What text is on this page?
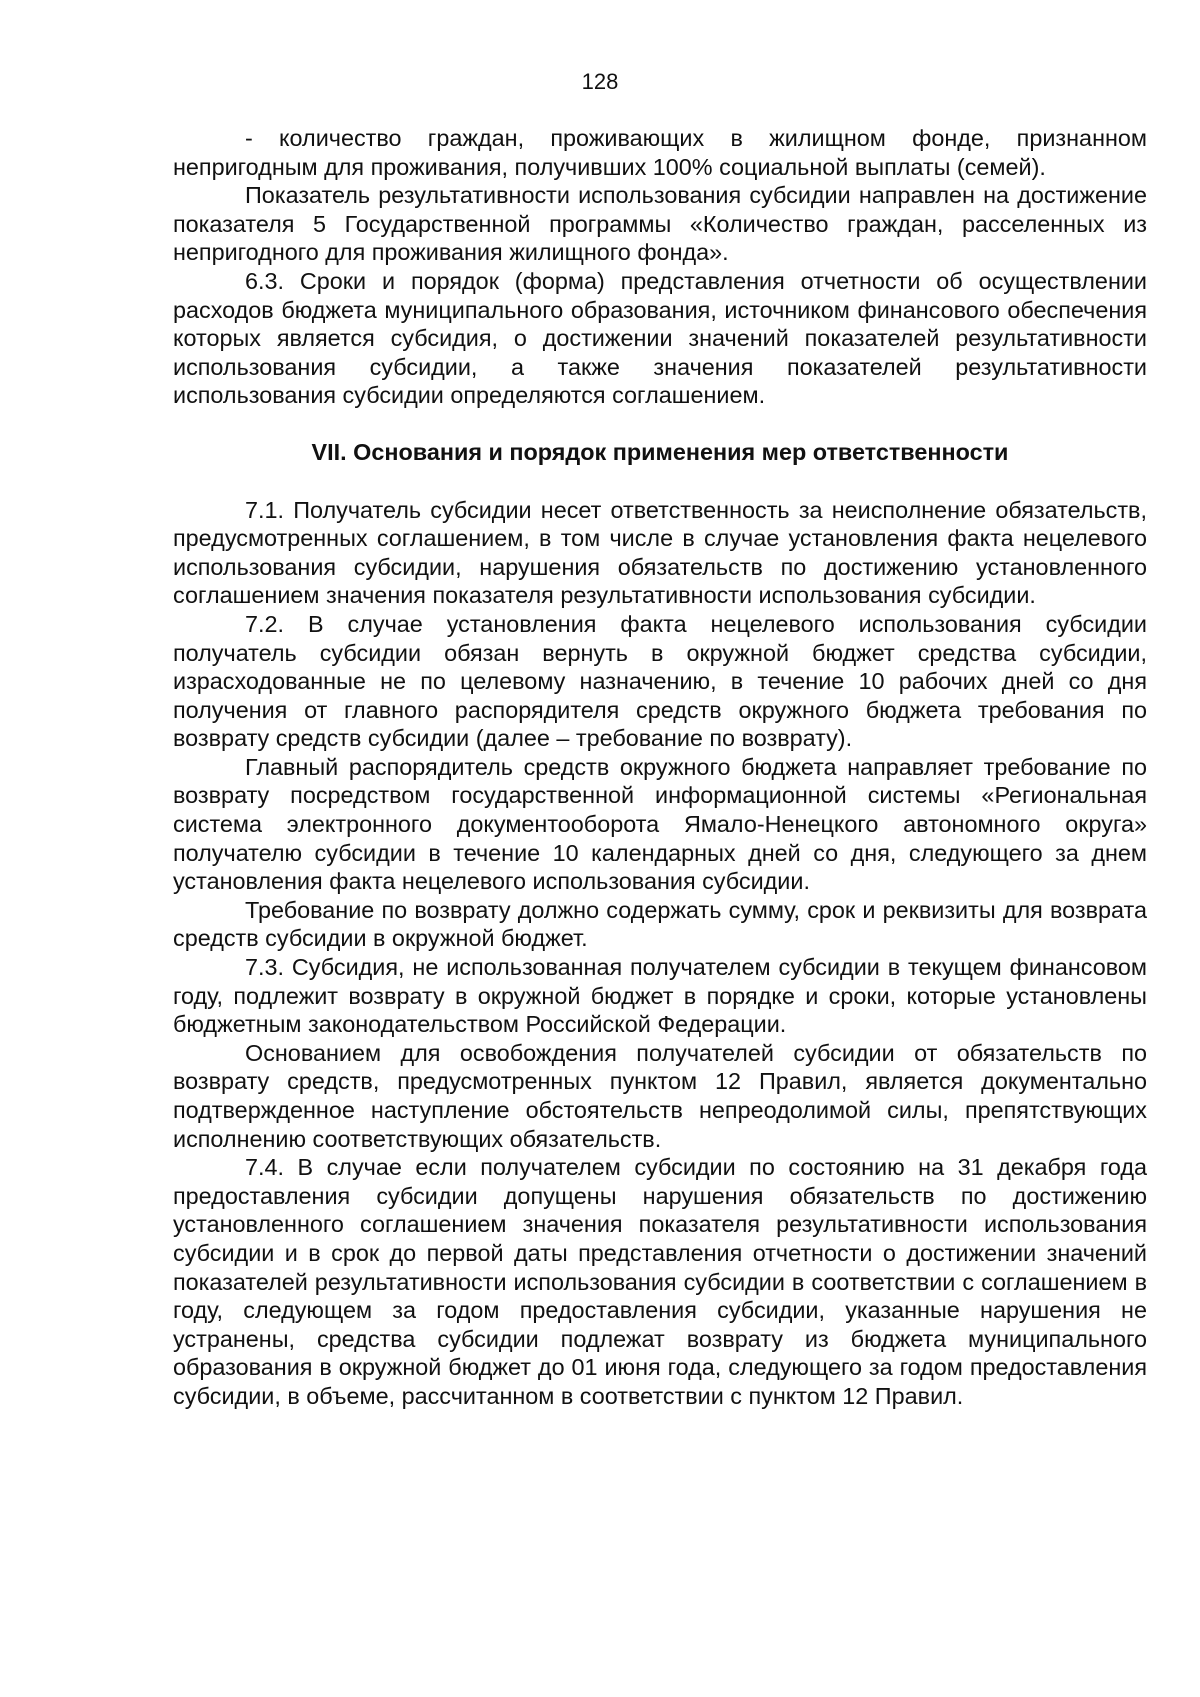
128

- количество граждан, проживающих в жилищном фонде, признанном непригодным для проживания, получивших 100% социальной выплаты (семей).

Показатель результативности использования субсидии направлен на достижение показателя 5 Государственной программы «Количество граждан, расселенных из непригодного для проживания жилищного фонда».

6.3. Сроки и порядок (форма) представления отчетности об осуществлении расходов бюджета муниципального образования, источником финансового обеспечения которых является субсидия, о достижении значений показателей результативности использования субсидии, а также значения показателей результативности использования субсидии определяются соглашением.

VII. Основания и порядок применения мер ответственности

7.1. Получатель субсидии несет ответственность за неисполнение обязательств, предусмотренных соглашением, в том числе в случае установления факта нецелевого использования субсидии, нарушения обязательств по достижению установленного соглашением значения показателя результативности использования субсидии.

7.2. В случае установления факта нецелевого использования субсидии получатель субсидии обязан вернуть в окружной бюджет средства субсидии, израсходованные не по целевому назначению, в течение 10 рабочих дней со дня получения от главного распорядителя средств окружного бюджета требования по возврату средств субсидии (далее – требование по возврату).

Главный распорядитель средств окружного бюджета направляет требование по возврату посредством государственной информационной системы «Региональная система электронного документооборота Ямало-Ненецкого автономного округа» получателю субсидии в течение 10 календарных дней со дня, следующего за днем установления факта нецелевого использования субсидии.

Требование по возврату должно содержать сумму, срок и реквизиты для возврата средств субсидии в окружной бюджет.

7.3. Субсидия, не использованная получателем субсидии в текущем финансовом году, подлежит возврату в окружной бюджет в порядке и сроки, которые установлены бюджетным законодательством Российской Федерации.

Основанием для освобождения получателей субсидии от обязательств по возврату средств, предусмотренных пунктом 12 Правил, является документально подтвержденное наступление обстоятельств непреодолимой силы, препятствующих исполнению соответствующих обязательств.

7.4. В случае если получателем субсидии по состоянию на 31 декабря года предоставления субсидии допущены нарушения обязательств по достижению установленного соглашением значения показателя результативности использования субсидии и в срок до первой даты представления отчетности о достижении значений показателей результативности использования субсидии в соответствии с соглашением в году, следующем за годом предоставления субсидии, указанные нарушения не устранены, средства субсидии подлежат возврату из бюджета муниципального образования в окружной бюджет до 01 июня года, следующего за годом предоставления субсидии, в объеме, рассчитанном в соответствии с пунктом 12 Правил.
